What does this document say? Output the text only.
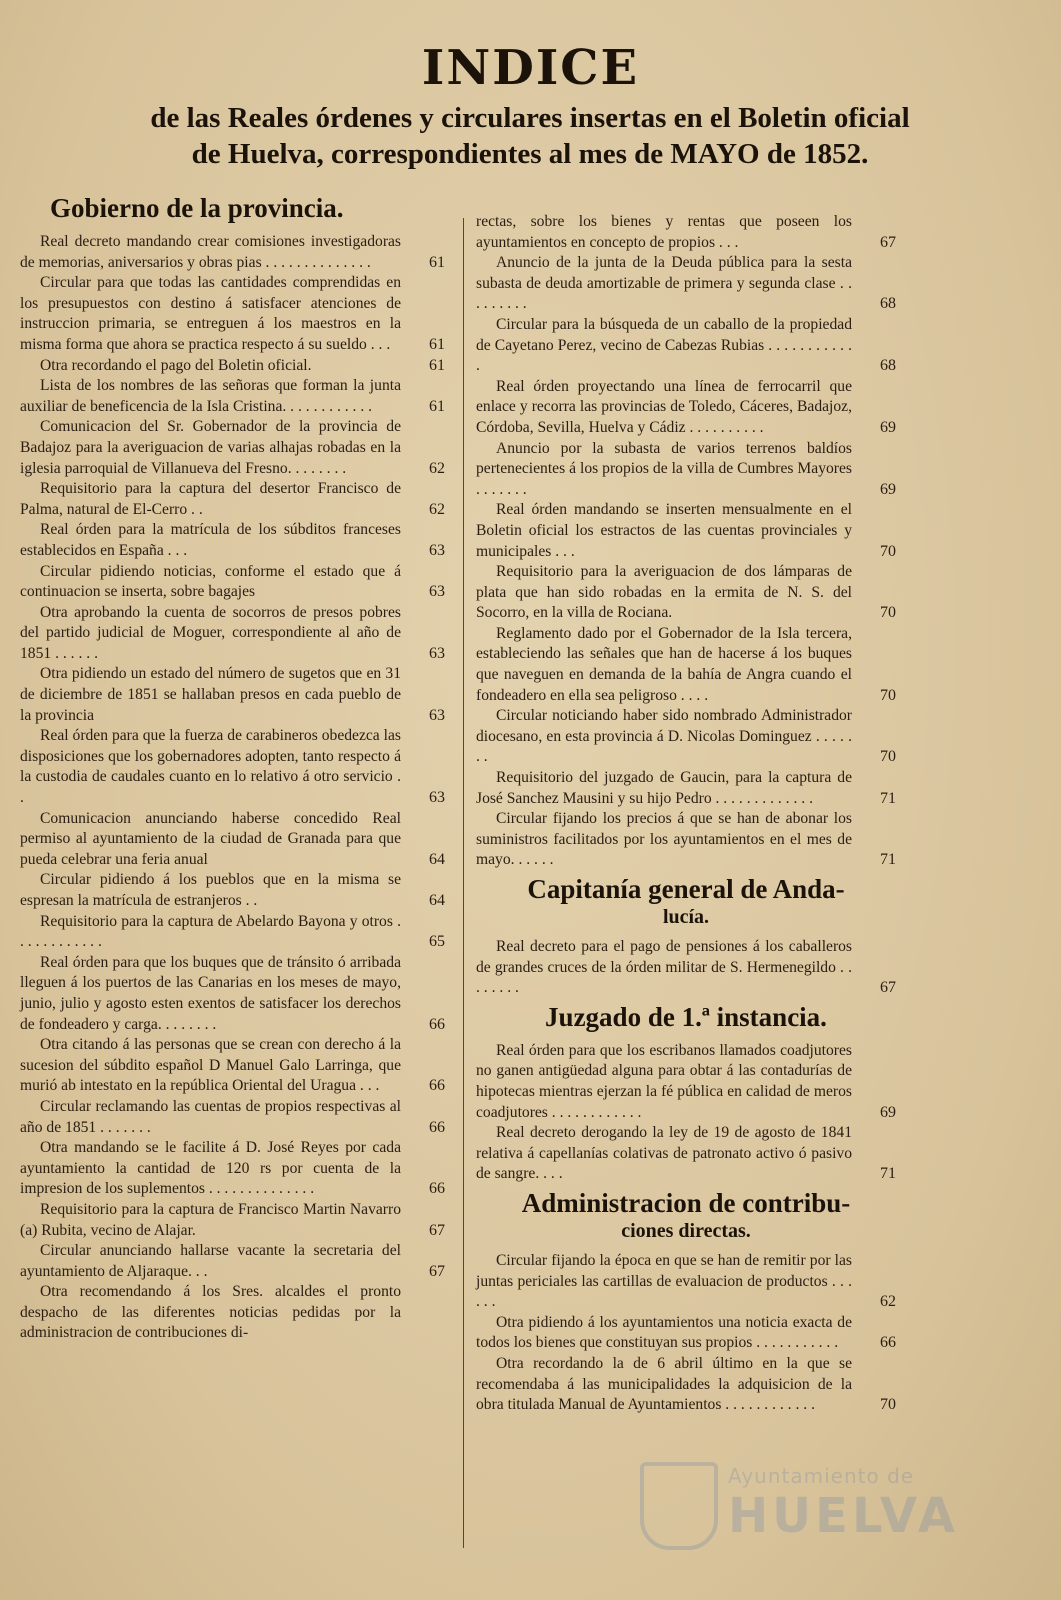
INDICE
de las Reales órdenes y circulares insertas en el Boletin oficial
de Huelva, correspondientes al mes de MAYO de 1852.
Gobierno de la provincia.
Real decreto mandando crear comisiones investigadoras de memorias, aniversarios y obras pias . . . . . . . . . . . . . .	61
Circular para que todas las cantidades comprendidas en los presupuestos con destino á satisfacer atenciones de instruccion primaria, se entreguen á los maestros en la misma forma que ahora se practica respecto á su sueldo . . .	61
Otra recordando el pago del Boletin oficial.	61
Lista de los nombres de las señoras que forman la junta auxiliar de beneficencia de la Isla Cristina. . . . . . . . . . . .	61
Comunicacion del Sr. Gobernador de la provincia de Badajoz para la averiguacion de varias alhajas robadas en la iglesia parroquial de Villanueva del Fresno. . . . . . . .	62
Requisitorio para la captura del desertor Francisco de Palma, natural de El-Cerro . .	62
Real órden para la matrícula de los súbditos franceses establecidos en España . . .	63
Circular pidiendo noticias, conforme el estado que á continuacion se inserta, sobre bagajes	63
Otra aprobando la cuenta de socorros de presos pobres del partido judicial de Moguer, correspondiente al año de 1851 . . . . . .	63
Otra pidiendo un estado del número de sugetos que en 31 de diciembre de 1851 se hallaban presos en cada pueblo de la provincia	63
Real órden para que la fuerza de carabineros obedezca las disposiciones que los gobernadores adopten, tanto respecto á la custodia de caudales cuanto en lo relativo á otro servicio . .	63
Comunicacion anunciando haberse concedido Real permiso al ayuntamiento de la ciudad de Granada para que pueda celebrar una feria anual	64
Circular pidiendo á los pueblos que en la misma se espresan la matrícula de estranjeros . .	64
Requisitorio para la captura de Abelardo Bayona y otros . . . . . . . . . . . .	65
Real órden para que los buques que de tránsito ó arribada lleguen á los puertos de las Canarias en los meses de mayo, junio, julio y agosto esten exentos de satisfacer los derechos de fondeadero y carga. . . . . . . .	66
Otra citando á las personas que se crean con derecho á la sucesion del súbdito español D Manuel Galo Larringa, que murió ab intestato en la república Oriental del Uragua . . .	66
Circular reclamando las cuentas de propios respectivas al año de 1851 . . . . . . .	66
Otra mandando se le facilite á D. José Reyes por cada ayuntamiento la cantidad de 120 rs por cuenta de la impresion de los suplementos . . . . . . . . . . . . . .	66
Requisitorio para la captura de Francisco Martin Navarro (a) Rubita, vecino de Alajar.	67
Circular anunciando hallarse vacante la secretaria del ayuntamiento de Aljaraque. . .	67
Otra recomendando á los Sres. alcaldes el pronto despacho de las diferentes noticias pedidas por la administracion de contribuciones di-
rectas, sobre los bienes y rentas que poseen los ayuntamientos en concepto de propios . . .	67
Anuncio de la junta de la Deuda pública para la sesta subasta de deuda amortizable de primera y segunda clase . . . . . . . . .	68
Circular para la búsqueda de un caballo de la propiedad de Cayetano Perez, vecino de Cabezas Rubias . . . . . . . . . . . .	68
Real órden proyectando una línea de ferrocarril que enlace y recorra las provincias de Toledo, Cáceres, Badajoz, Córdoba, Sevilla, Huelva y Cádiz . . . . . . . . . .	69
Anuncio por la subasta de varios terrenos baldíos pertenecientes á los propios de la villa de Cumbres Mayores . . . . . . .	69
Real órden mandando se inserten mensualmente en el Boletin oficial los estractos de las cuentas provinciales y municipales . . .	70
Requisitorio para la averiguacion de dos lámparas de plata que han sido robadas en la ermita de N. S. del Socorro, en la villa de Rociana.	70
Reglamento dado por el Gobernador de la Isla tercera, estableciendo las señales que han de hacerse á los buques que naveguen en demanda de la bahía de Angra cuando el fondeadero en ella sea peligroso . . . .	70
Circular noticiando haber sido nombrado Administrador diocesano, en esta provincia á D. Nicolas Dominguez . . . . . . .	70
Requisitorio del juzgado de Gaucin, para la captura de José Sanchez Mausini y su hijo Pedro . . . . . . . . . . . . .	71
Circular fijando los precios á que se han de abonar los suministros facilitados por los ayuntamientos en el mes de mayo. . . . . .	71
Capitanía general de Anda-
lucía.
Real decreto para el pago de pensiones á los caballeros de grandes cruces de la órden militar de S. Hermenegildo . . . . . . . .	67
Juzgado de 1.ª instancia.
Real órden para que los escribanos llamados coadjutores no ganen antigüedad alguna para obtar á las contadurías de hipotecas mientras ejerzan la fé pública en calidad de meros coadjutores . . . . . . . . . . . .	69
Real decreto derogando la ley de 19 de agosto de 1841 relativa á capellanías colativas de patronato activo ó pasivo de sangre. . . .	71
Administracion de contribu-
ciones directas.
Circular fijando la época en que se han de remitir por las juntas periciales las cartillas de evaluacion de productos . . . . . .	62
Otra pidiendo á los ayuntamientos una noticia exacta de todos los bienes que constituyan sus propios . . . . . . . . . . .	66
Otra recordando la de 6 abril último en la que se recomendaba á las municipalidades la adquisicion de la obra titulada Manual de Ayuntamientos . . . . . . . . . . . .	70
Ayuntamiento de
HUELVA
